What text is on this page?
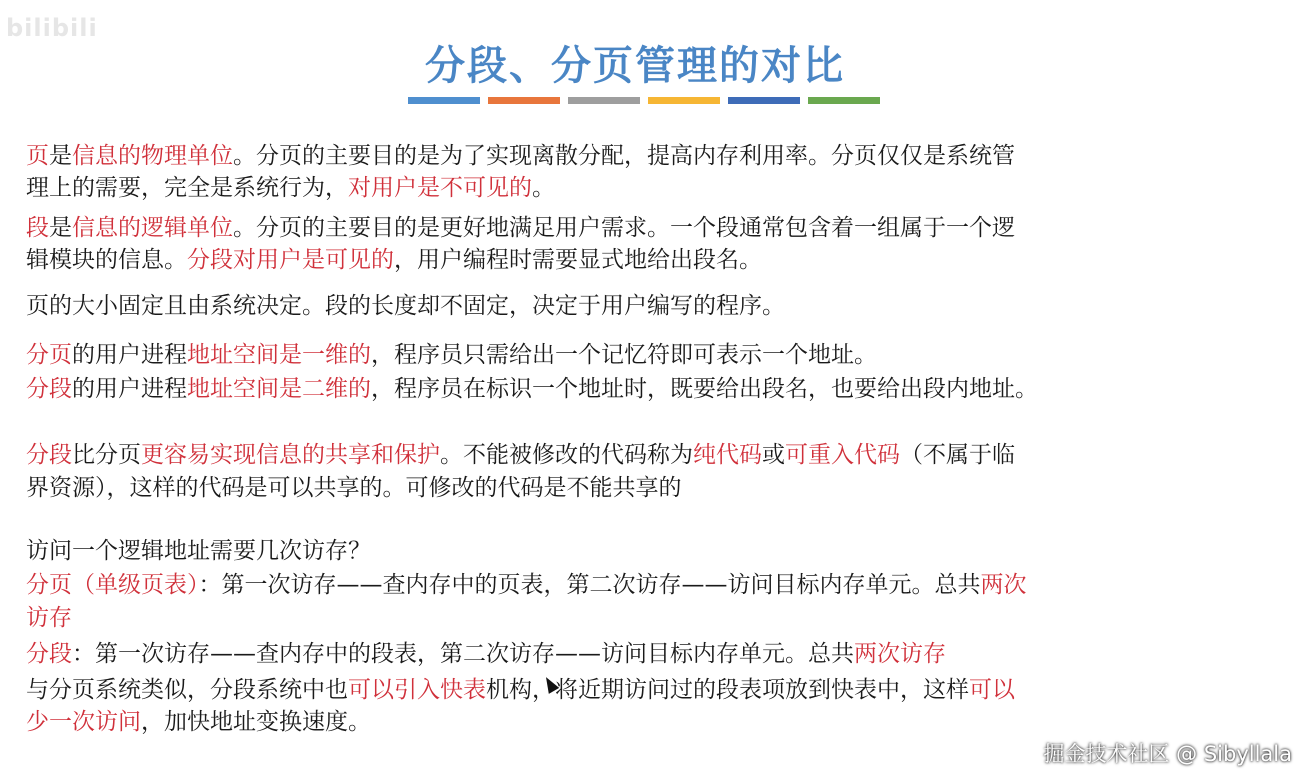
bilibili
分段、分页管理的对比
页是信息的物理单位。分页的主要目的是为了实现离散分配，提高内存利用率。分页仅仅是系统管
理上的需要，完全是系统行为，对用户是不可见的。
段是信息的逻辑单位。分页的主要目的是更好地满足用户需求。一个段通常包含着一组属于一个逻
辑模块的信息。分段对用户是可见的，用户编程时需要显式地给出段名。
页的大小固定且由系统决定。段的长度却不固定，决定于用户编写的程序。
分页的用户进程地址空间是一维的，程序员只需给出一个记忆符即可表示一个地址。
分段的用户进程地址空间是二维的，程序员在标识一个地址时，既要给出段名，也要给出段内地址。
分段比分页更容易实现信息的共享和保护。不能被修改的代码称为纯代码或可重入代码（不属于临
界资源），这样的代码是可以共享的。可修改的代码是不能共享的
访问一个逻辑地址需要几次访存？
分页（单级页表）：第一次访存——查内存中的页表，第二次访存——访问目标内存单元。总共两次
访存
分段：第一次访存——查内存中的段表，第二次访存——访问目标内存单元。总共两次访存
与分页系统类似，分段系统中也可以引入快表机构，将近期访问过的段表项放到快表中，这样可以
少一次访问，加快地址变换速度。
掘金技术社区 @ Sibyllala
